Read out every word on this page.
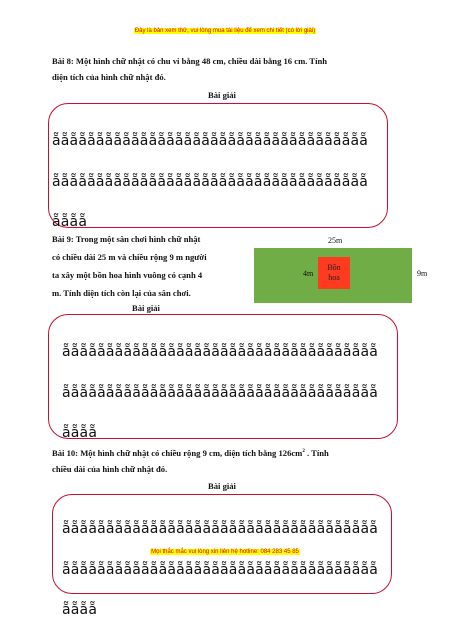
Đây là bản xem thử, vui lòng mua tài liệu để xem chi tiết (có lời giải)
Bài 8: Một hình chữ nhật có chu vi bằng 48 cm, chiều dài bằng 16 cm. Tính
diện tích của hình chữ nhật đó.
Bài giải

ẵẵẵẵẵẵẵẵẵẵẵẵẵẵẵẵẵẵẵẵẵẵẵẵẵẵẵẵẵẵẵẵẵẵẵẵ

ẵẵẵẵẵẵẵẵẵẵẵẵẵẵẵẵẵẵẵẵẵẵẵẵẵẵẵẵẵẵẵẵẵẵẵẵ

ẵẵẵẵ

Bài 9: Trong một sân chơi hình chữ nhật
có chiều dài 25 m và chiều rộng 9 m người
ta xây một bồn hoa hình vuông có cạnh 4
m. Tính diện tích còn lại của sân chơi.
25m
4m
Bồn
hoa	9m
Bài giải

ẵẵẵẵẵẵẵẵẵẵẵẵẵẵẵẵẵẵẵẵẵẵẵẵẵẵẵẵẵẵẵẵẵẵẵẵ

ẵẵẵẵẵẵẵẵẵẵẵẵẵẵẵẵẵẵẵẵẵẵẵẵẵẵẵẵẵẵẵẵẵẵẵẵ

ẵẵẵẵ

Bài 10: Một hình chữ nhật có chiều rộng 9 cm, diện tích bằng $126cm^2$ . Tính
chiều dài của hình chữ nhật đó.
Bài giải

ẵẵẵẵẵẵẵẵẵẵẵẵẵẵẵẵẵẵẵẵẵẵẵẵẵẵẵẵẵẵẵẵẵẵẵẵ

ẵẵẵẵẵẵẵẵẵẵẵẵẵẵẵẵẵẵẵẵẵẵẵẵẵẵẵẵẵẵẵẵẵẵẵẵ

ẵẵẵẵ

Mọi thắc mắc vui lòng xin liên hệ hotline: 084 283 45 85
